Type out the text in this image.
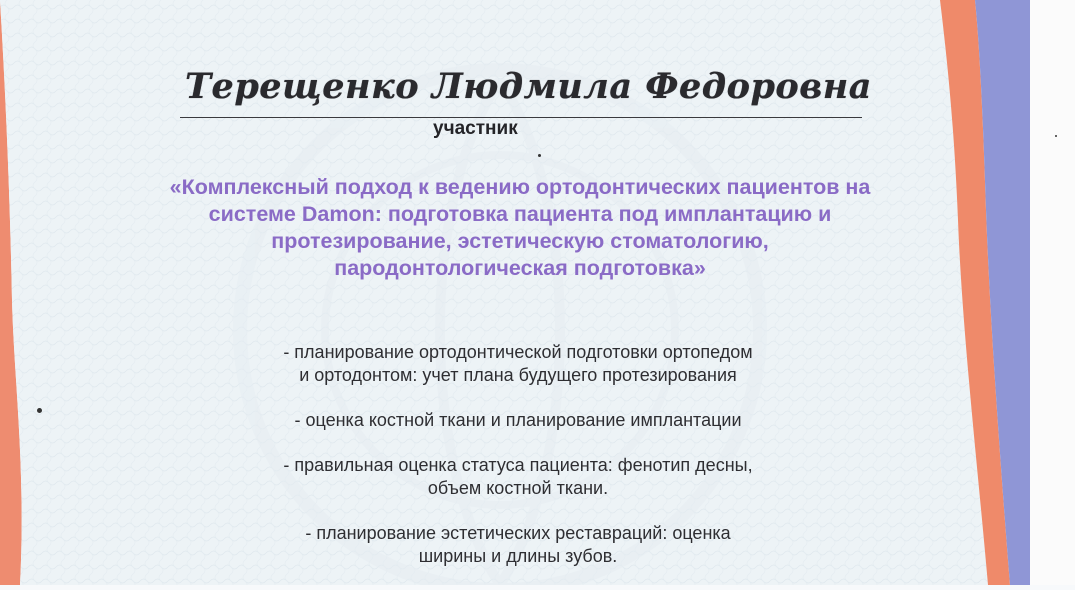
Терещенко Людмила Федоровна
участник
«Комплексный подход к ведению ортодонтических пациентов на
системе Damon: подготовка пациента под имплантацию и
протезирование, эстетическую стоматологию,
пародонтологическая подготовка»
- планирование ортодонтической подготовки ортопедом
и ортодонтом: учет плана будущего протезирования
- оценка костной ткани и планирование имплантации
- правильная оценка статуса пациента: фенотип десны,
объем костной ткани.
- планирование эстетических реставраций: оценка
ширины и длины зубов.
